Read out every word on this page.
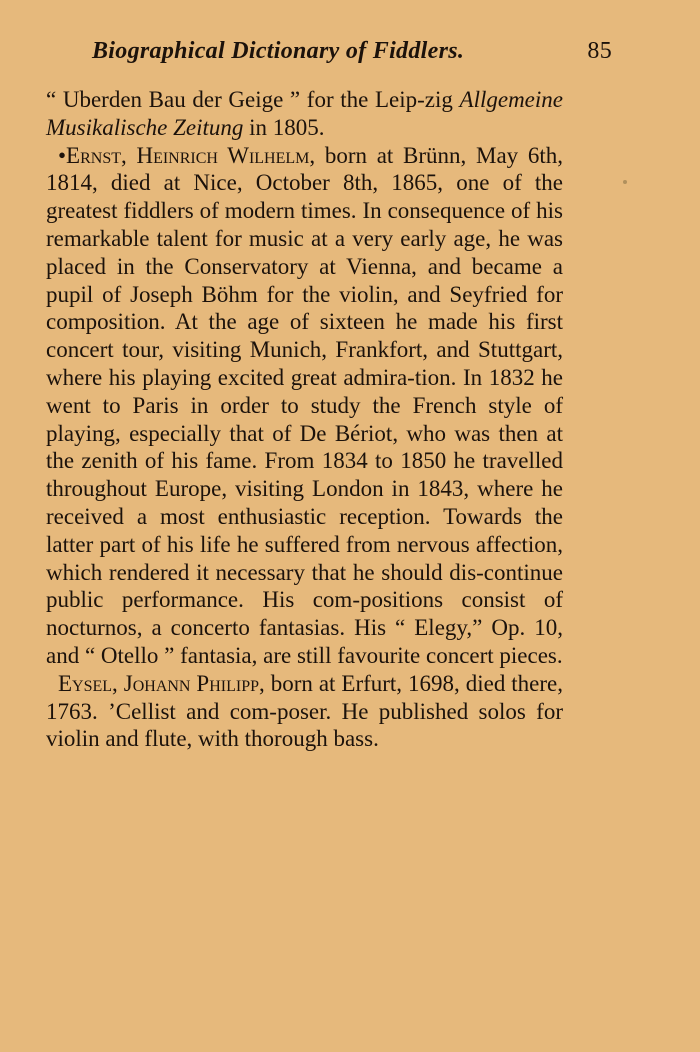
Biographical Dictionary of Fiddlers.	85

“ Uberden Bau der Geige ” for the Leip-zig Allgemeine Musikalische Zeitung in 1805.

•Ernst, Heinrich Wilhelm, born at Brünn, May 6th, 1814, died at Nice, October 8th, 1865, one of the greatest fiddlers of modern times. In consequence of his remarkable talent for music at a very early age, he was placed in the Conservatory at Vienna, and became a pupil of Joseph Böhm for the violin, and Seyfried for composition. At the age of sixteen he made his first concert tour, visiting Munich, Frankfort, and Stuttgart, where his playing excited great admira-tion. In 1832 he went to Paris in order to study the French style of playing, especially that of De Bériot, who was then at the zenith of his fame. From 1834 to 1850 he travelled throughout Europe, visiting London in 1843, where he received a most enthusiastic reception. Towards the latter part of his life he suffered from nervous affection, which rendered it necessary that he should dis-continue public performance. His com-positions consist of nocturnos, a concerto fantasias. His “ Elegy,” Op. 10, and “ Otello ” fantasia, are still favourite concert pieces.

Eysel, Johann Philipp, born at Erfurt, 1698, died there, 1763. ’Cellist and com-poser. He published solos for violin and flute, with thorough bass.
